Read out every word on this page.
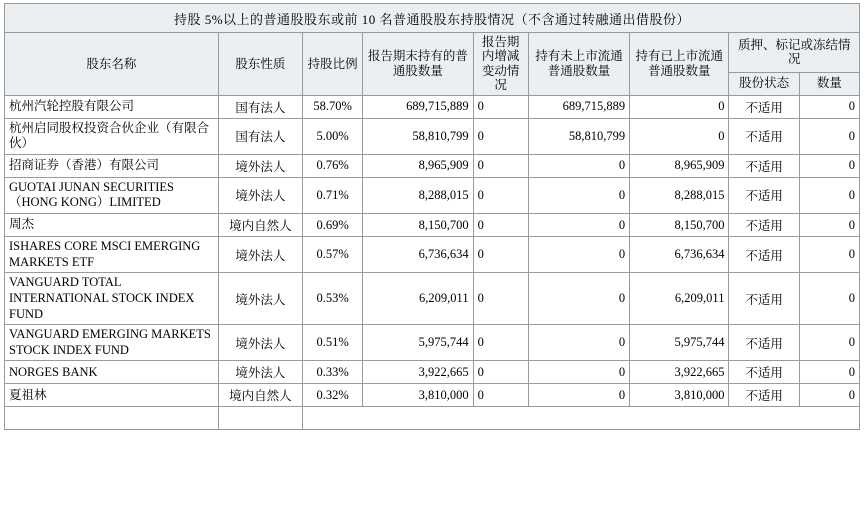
持股 5%以上的普通股股东或前 10 名普通股股东持股情况（不含通过转融通出借股份）								
股东名称	股东性质	持股比例	报告期末持有的普通股数量	报告期内增减变动情况	持有未上市流通普通股数量	持有已上市流通普通股数量	质押、标记或冻结情况	
							股份状态	数量
杭州汽轮控股有限公司	国有法人	58.70%	689,715,889	0	689,715,889	0	不适用	0
杭州启同股权投资合伙企业（有限合伙）	国有法人	5.00%	58,810,799	0	58,810,799	0	不适用	0
招商证券（香港）有限公司	境外法人	0.76%	8,965,909	0	0	8,965,909	不适用	0
GUOTAI JUNAN SECURITIES（HONG KONG）LIMITED	境外法人	0.71%	8,288,015	0	0	8,288,015	不适用	0
周杰	境内自然人	0.69%	8,150,700	0	0	8,150,700	不适用	0
ISHARES CORE MSCI EMERGING MARKETS ETF	境外法人	0.57%	6,736,634	0	0	6,736,634	不适用	0
VANGUARD TOTAL INTERNATIONAL STOCK INDEX FUND	境外法人	0.53%	6,209,011	0	0	6,209,011	不适用	0
VANGUARD EMERGING MARKETS STOCK INDEX FUND	境外法人	0.51%	5,975,744	0	0	5,975,744	不适用	0
NORGES BANK	境外法人	0.33%	3,922,665	0	0	3,922,665	不适用	0
夏祖林	境内自然人	0.32%	3,810,000	0	0	3,810,000	不适用	0
